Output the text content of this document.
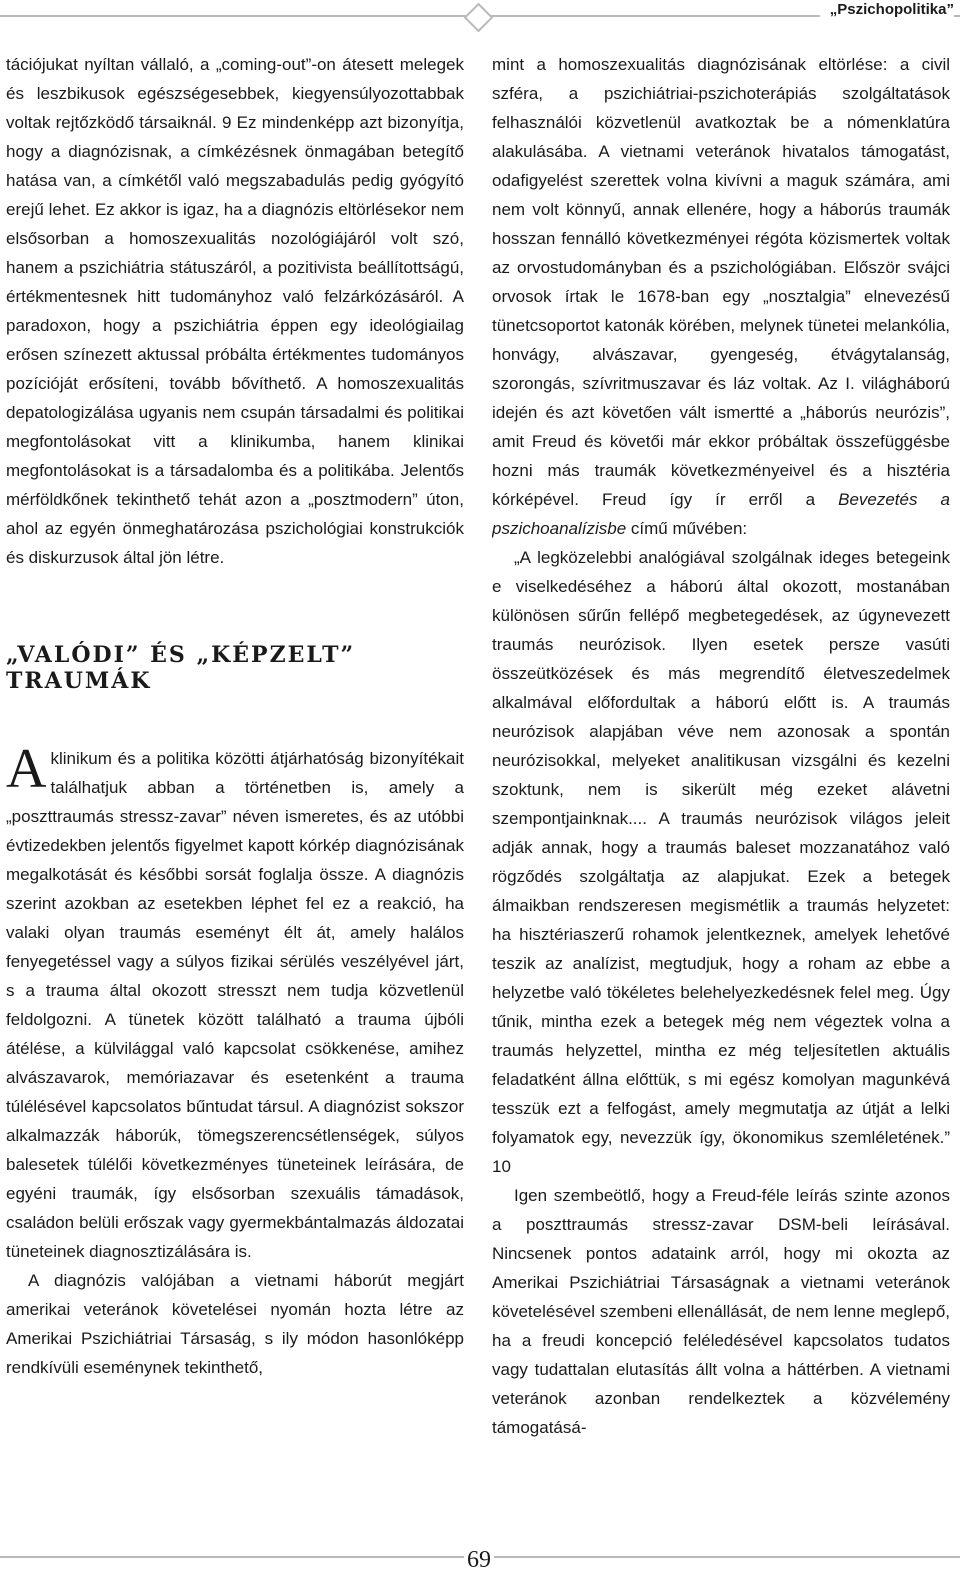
„Pszichopolitika”

tációjukat nyíltan vállaló, a „coming-out”-on átesett melegek és leszbikusok egészségesebbek, kiegyensúlyozottabbak voltak rejtőzködő társaiknál. 9 Ez mindenképp azt bizonyítja, hogy a diagnózisnak, a címkézésnek önmagában betegítő hatása van, a címkétől való megszabadulás pedig gyógyító erejű lehet. Ez akkor is igaz, ha a diagnózis eltörlésekor nem elsősorban a homoszexualitás nozológiájáról volt szó, hanem a pszichiátria státuszáról, a pozitivista beállítottságú, értékmentesnek hitt tudományhoz való felzárkózásáról. A paradoxon, hogy a pszichiátria éppen egy ideológiailag erősen színezett aktussal próbálta értékmentes tudományos pozícióját erősíteni, tovább bővíthető. A homoszexualitás depatologizálása ugyanis nem csupán társadalmi és politikai megfontolásokat vitt a klinikumba, hanem klinikai megfontolásokat is a társadalomba és a politikába. Jelentős mérföldkőnek tekinthető tehát azon a „posztmodern” úton, ahol az egyén önmeghatározása pszichológiai konstrukciók és diskurzusok által jön létre.

„VALÓDI” ÉS „KÉPZELT” TRAUMÁK

A klinikum és a politika közötti átjárhatóság bizonyítékait találhatjuk abban a történetben is, amely a „poszttraumás stressz-zavar” néven ismeretes, és az utóbbi évtizedekben jelentős figyelmet kapott kórkép diagnózisának megalkotását és későbbi sorsát foglalja össze. A diagnózis szerint azokban az esetekben léphet fel ez a reakció, ha valaki olyan traumás eseményt élt át, amely halálos fenyegetéssel vagy a súlyos fizikai sérülés veszélyével járt, s a trauma által okozott stresszt nem tudja közvetlenül feldolgozni. A tünetek között található a trauma újbóli átélése, a külvilággal való kapcsolat csökkenése, amihez alvászavarok, memóriazavar és esetenként a trauma túlélésével kapcsolatos bűntudat társul. A diagnózist sokszor alkalmazzák háborúk, tömegszerencsétlenségek, súlyos balesetek túlélői következményes tüneteinek leírására, de egyéni traumák, így elsősorban szexuális támadások, családon belüli erőszak vagy gyermekbántalmazás áldozatai tüneteinek diagnosztizálására is.

A diagnózis valójában a vietnami háborút megjárt amerikai veteránok követelései nyomán hozta létre az Amerikai Pszichiátriai Társaság, s ily módon hasonlóképp rendkívüli eseménynek tekinthető,

mint a homoszexualitás diagnózisának eltörlése: a civil szféra, a pszichiátriai-pszichoterápiás szolgáltatások felhasználói közvetlenül avatkoztak be a nómenklatúra alakulásába. A vietnami veteránok hivatalos támogatást, odafigyelést szerettek volna kivívni a maguk számára, ami nem volt könnyű, annak ellenére, hogy a háborús traumák hosszan fennálló következményei régóta közismertek voltak az orvostudományban és a pszichológiában. Először svájci orvosok írtak le 1678-ban egy „nosztalgia” elnevezésű tünetcsoportot katonák körében, melynek tünetei melankólia, honvágy, alvászavar, gyengeség, étvágytalanság, szorongás, szívritmuszavar és láz voltak. Az I. világháború idején és azt követően vált ismertté a „háborús neurózis”, amit Freud és követői már ekkor próbáltak összefüggésbe hozni más traumák következményeivel és a hisztéria kórképével. Freud így ír erről a Bevezetés a pszichoanalízisbe című művében:

„A legközelebbi analógiával szolgálnak ideges betegeink e viselkedéséhez a háború által okozott, mostanában különösen sűrűn fellépő megbetegedések, az úgynevezett traumás neurózisok. Ilyen esetek persze vasúti összeütközések és más megrendítő életveszedelmek alkalmával előfordultak a háború előtt is. A traumás neurózisok alapjában véve nem azonosak a spontán neurózisokkal, melyeket analitikusan vizsgálni és kezelni szoktunk, nem is sikerült még ezeket alávetni szempontjainknak.... A traumás neurózisok világos jeleit adják annak, hogy a traumás baleset mozzanatához való rögződés szolgáltatja az alapjukat. Ezek a betegek álmaikban rendszeresen megismétlik a traumás helyzetet: ha hisztériaszerű rohamok jelentkeznek, amelyek lehetővé teszik az analízist, megtudjuk, hogy a roham az ebbe a helyzetbe való tökéletes belehelyezkedésnek felel meg. Úgy tűnik, mintha ezek a betegek még nem végeztek volna a traumás helyzettel, mintha ez még teljesítetlen aktuális feladatként állna előttük, s mi egész komolyan magunkévá tesszük ezt a felfogást, amely megmutatja az útját a lelki folyamatok egy, nevezzük így, ökonomikus szemléletének.” 10

Igen szembeötlő, hogy a Freud-féle leírás szinte azonos a poszttraumás stressz-zavar DSM-beli leírásával. Nincsenek pontos adataink arról, hogy mi okozta az Amerikai Pszichiátriai Társaságnak a vietnami veteránok követelésével szembeni ellenállását, de nem lenne meglepő, ha a freudi koncepció feléledésével kapcsolatos tudatos vagy tudattalan elutasítás állt volna a háttérben. A vietnami veteránok azonban rendelkeztek a közvélemény támogatásá-

69
